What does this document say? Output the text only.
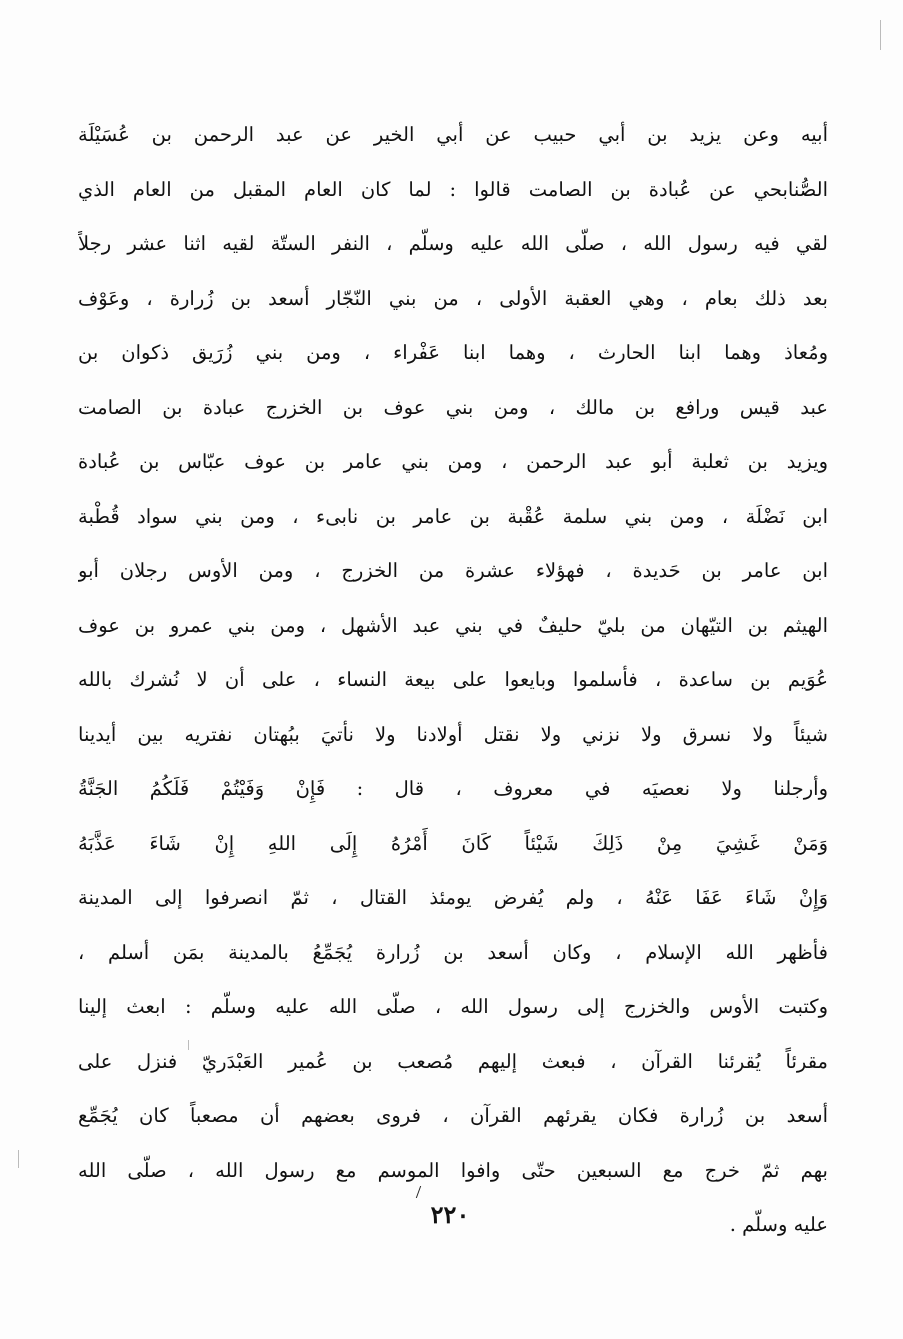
أبيه وعن يزيد بن أبي حبيب عن أبي الخير عن عبد الرحمن بن عُسَيْلَة
الصُّنابحي عن عُبادة بن الصامت قالوا : لما كان العام المقبل من العام الذي
لقي فيه رسول الله ، صلّى الله عليه وسلّم ، النفر الستّة لقيه اثنا عشر رجلاً
بعد ذلك بعام ، وهي العقبة الأولى ، من بني النّجّار أسعد بن زُرارة ، وعَوْف
ومُعاذ وهما ابنا الحارث ، وهما ابنا عَفْراء ، ومن بني زُرَيق ذكوان بن
عبد قيس ورافع بن مالك ، ومن بني عوف بن الخزرج عبادة بن الصامت
ويزيد بن ثعلبة أبو عبد الرحمن ، ومن بني عامر بن عوف عبّاس بن عُبادة
ابن نَضْلَة ، ومن بني سلمة عُقْبة بن عامر بن نابىء ، ومن بني سواد قُطْبة
ابن عامر بن حَديدة ، فهؤلاء عشرة من الخزرج ، ومن الأوس رجلان أبو
الهيثم بن التيّهان من بليّ حليفٌ في بني عبد الأشهل ، ومن بني عمرو بن عوف
عُوَيم بن ساعدة ، فأسلموا وبايعوا على بيعة النساء ، على أن لا نُشرك بالله
شيئاً ولا نسرق ولا نزني ولا نقتل أولادنا ولا نأتيَ ببُهتان نفتريه بين أيدينا
وأرجلنا ولا نعصيَه في معروف ، قال : فَإِنْ وَفَيْتُمْ فَلَكُمُ الجَنَّةُ
وَمَنْ غَشِيَ مِنْ ذَلِكَ شَيْئاً كَانَ أَمْرُهُ إِلَى اللهِ إِنْ شَاءَ عَذَّبَهُ
وَإِنْ شَاءَ عَفَا عَنْهُ ، ولم يُفرض يومئذ القتال ، ثمّ انصرفوا إلى المدينة
فأظهر الله الإسلام ، وكان أسعد بن زُرارة يُجَمِّعُ بالمدينة بمَن أسلم ،
وكتبت الأوس والخزرج إلى رسول الله ، صلّى الله عليه وسلّم : ابعث إلينا
مقرئاً يُقرئنا القرآن ، فبعث إليهم مُصعب بن عُمير العَبْدَريّ فنزل على
أسعد بن زُرارة فكان يقرئهم القرآن ، فروى بعضهم أن مصعباً كان يُجَمِّع
بهم ثمّ خرج مع السبعين حتّى وافوا الموسم مع رسول الله ، صلّى الله
عليه وسلّم .
٢٢٠
